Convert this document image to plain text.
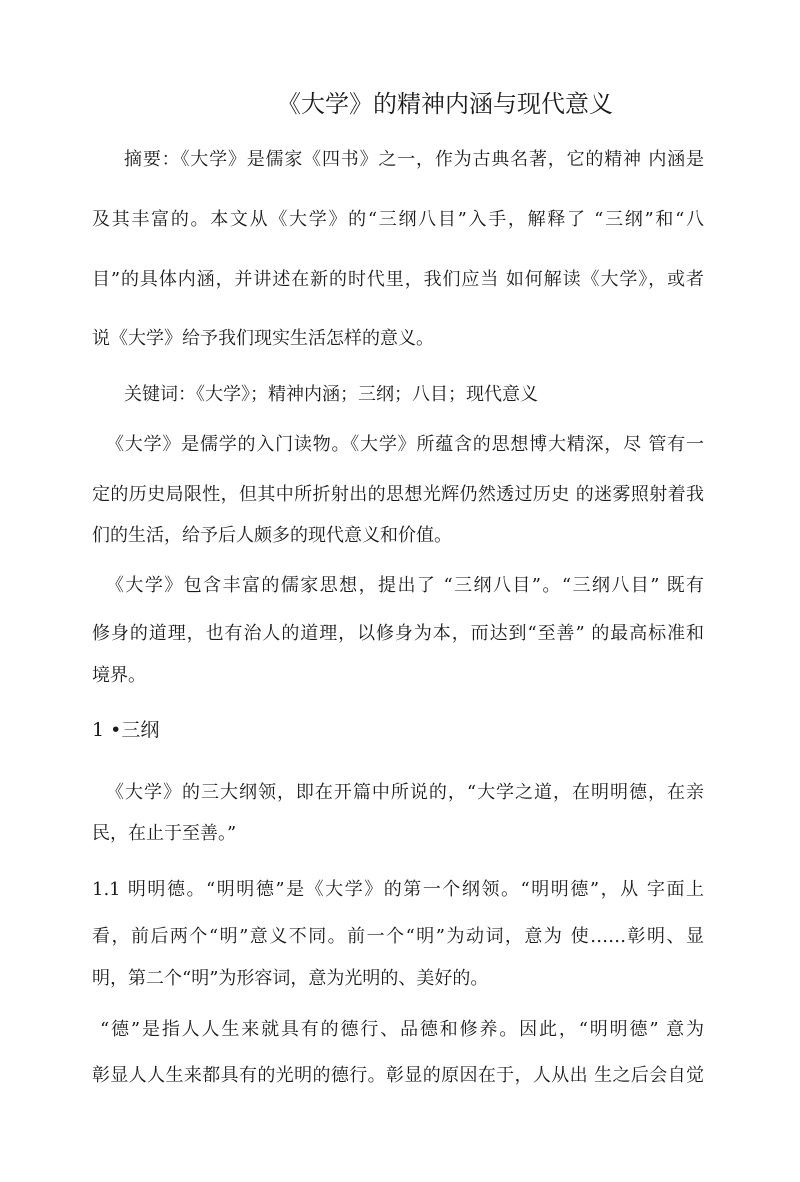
《大学》的精神内涵与现代意义
摘要：《大学》是儒家《四书》之一，作为古典名著，它的精神 内涵是
及其丰富的。本文从《大学》的“三纲八目”入手，解释了 “三纲”和“八
目”的具体内涵，并讲述在新的时代里，我们应当 如何解读《大学》，或者
说《大学》给予我们现实生活怎样的意义。
关键词：《大学》；精神内涵；三纲；八目；现代意义
《大学》是儒学的入门读物。《大学》所蕴含的思想博大精深，尽 管有一
定的历史局限性，但其中所折射出的思想光辉仍然透过历史 的迷雾照射着我
们的生活，给予后人颇多的现代意义和价值。
《大学》包含丰富的儒家思想，提出了 “三纲八目”。“三纲八目” 既有
修身的道理，也有治人的道理，以修身为本，而达到“至善” 的最高标准和
境界。
1 •三纲
《大学》的三大纲领，即在开篇中所说的，“大学之道，在明明德，在亲
民，在止于至善。”
1.1 明明德。“明明德”是《大学》的第一个纲领。“明明德”，从 字面上
看，前后两个“明”意义不同。前一个“明”为动词，意为 使……彰明、显
明，第二个“明”为形容词，意为光明的、美好的。
“德”是指人人生来就具有的德行、品德和修养。因此，“明明德” 意为
彰显人人生来都具有的光明的德行。彰显的原因在于，人从出 生之后会自觉
